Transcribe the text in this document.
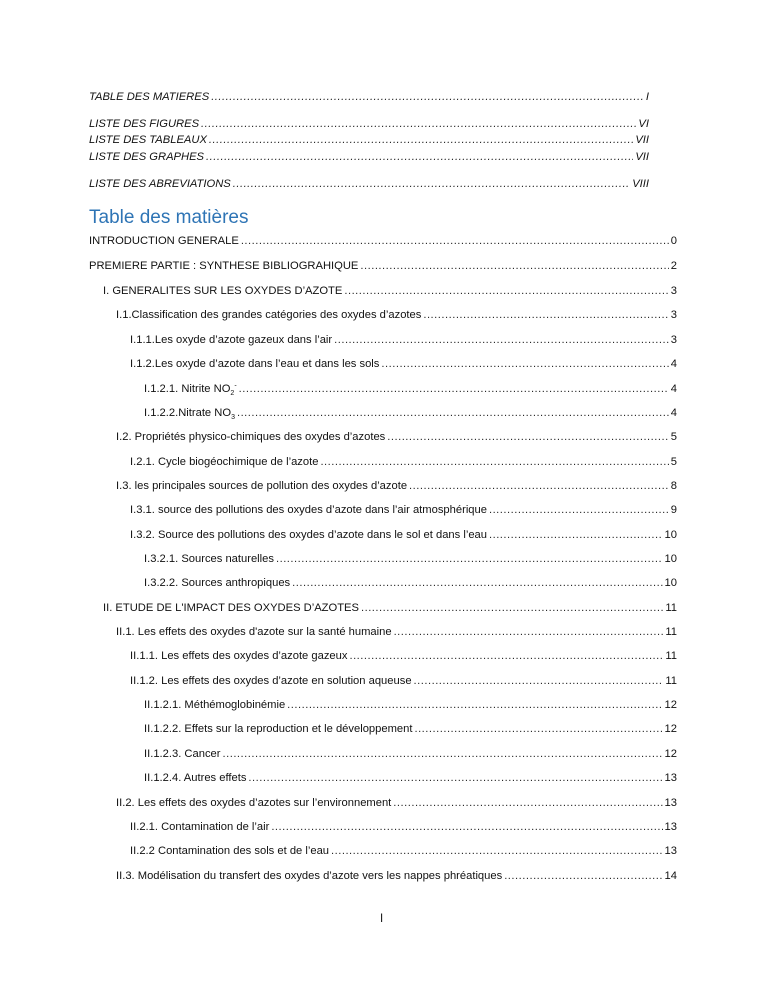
TABLE DES MATIERES .....	I
LISTE DES FIGURES .....	VI
LISTE DES TABLEAUX .....	VII
LISTE DES GRAPHES .....	VII
LISTE DES ABREVIATIONS .....	VIII
Table des matières
INTRODUCTION GENERALE .....	0
PREMIERE PARTIE : SYNTHESE BIBLIOGRAHIQUE .....	2
I. GENERALITES SUR LES OXYDES D’AZOTE .....	3
I.1.Classification des grandes catégories des oxydes d’azotes .....	3
I.1.1.Les oxyde d’azote gazeux dans l’air .....	3
I.1.2.Les oxyde d’azote dans l’eau et dans les sols .....	4
I.1.2.1. Nitrite $NO_2^-$ .....	4
I.1.2.2.Nitrate $NO_3$ .....	4
I.2. Propriétés physico-chimiques des oxydes d’azotes .....	5
I.2.1. Cycle biogéochimique de l’azote .....	5
I.3. les principales sources de pollution des oxydes d’azote .....	8
I.3.1. source des pollutions des oxydes d’azote dans l’air atmosphérique .....	9
I.3.2. Source des pollutions des oxydes d’azote dans le sol et dans l’eau .....	10
I.3.2.1. Sources naturelles .....	10
I.3.2.2. Sources anthropiques .....	10
II. ETUDE DE L'IMPACT DES OXYDES D’AZOTES .....	11
II.1. Les effets des oxydes d'azote sur la santé humaine .....	11
II.1.1. Les effets des oxydes d’azote gazeux .....	11
II.1.2. Les effets des oxydes d’azote en solution aqueuse .....	11
II.1.2.1. Méthémoglobinémie .....	12
II.1.2.2. Effets sur la reproduction et le développement .....	12
II.1.2.3. Cancer .....	12
II.1.2.4. Autres effets .....	13
II.2. Les effets des oxydes d’azotes sur l’environnement .....	13
II.2.1. Contamination de l’air .....	13
II.2.2 Contamination des sols et de l’eau .....	13
II.3. Modélisation du transfert des oxydes d’azote vers les nappes phréatiques .....	14
I
